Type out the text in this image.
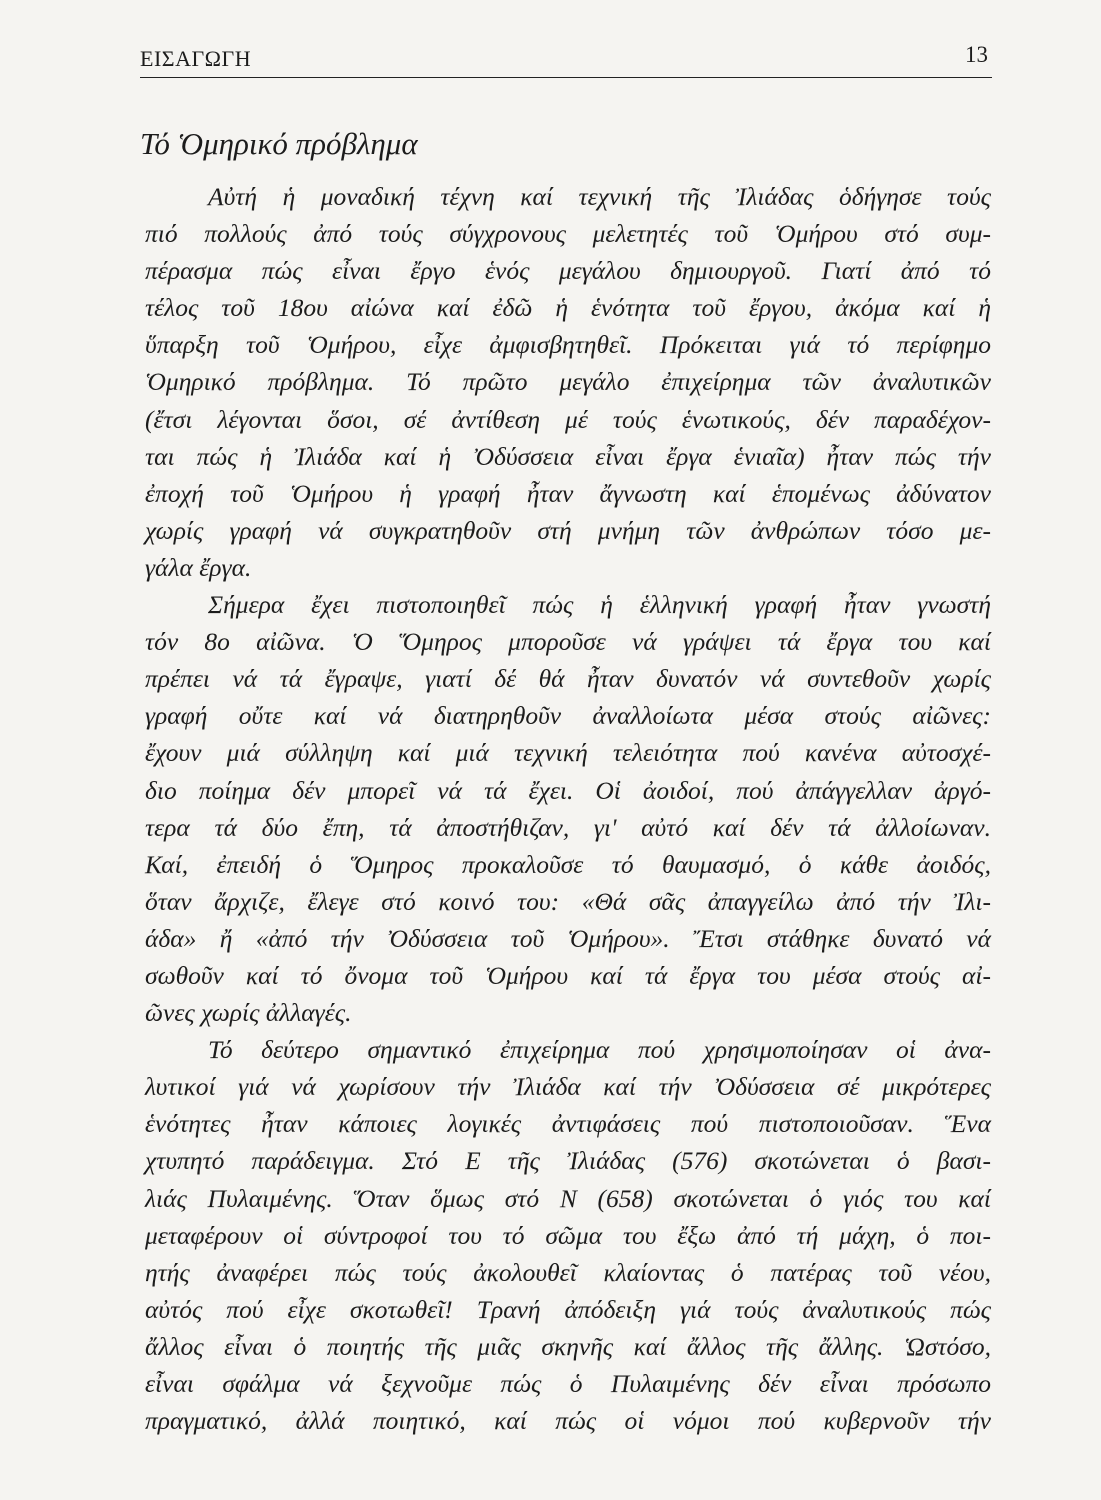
ΕΙΣΑΓΩΓΗ	13
Τό Ὁμηρικό πρόβλημα
Αὐτή ἡ μοναδική τέχνη καί τεχνική τῆς Ἰλιάδας ὁδήγησε τούς
πιό πολλούς ἀπό τούς σύγχρονους μελετητές τοῦ Ὁμήρου στό συμ-
πέρασμα πώς εἶναι ἔργο ἑνός μεγάλου δημιουργοῦ. Γιατί ἀπό τό
τέλος τοῦ 18ου αἰώνα καί ἐδῶ ἡ ἑνότητα τοῦ ἔργου, ἀκόμα καί ἡ
ὕπαρξη τοῦ Ὁμήρου, εἶχε ἀμφισβητηθεῖ. Πρόκειται γιά τό περίφημο
Ὁμηρικό πρόβλημα. Τό πρῶτο μεγάλο ἐπιχείρημα τῶν ἀναλυτικῶν
(ἔτσι λέγονται ὅσοι, σέ ἀντίθεση μέ τούς ἑνωτικούς, δέν παραδέχον-
ται πώς ἡ Ἰλιάδα καί ἡ Ὀδύσσεια εἶναι ἔργα ἑνιαῖα) ἦταν πώς τήν
ἐποχή τοῦ Ὁμήρου ἡ γραφή ἦταν ἄγνωστη καί ἑπομένως ἀδύνατον
χωρίς γραφή νά συγκρατηθοῦν στή μνήμη τῶν ἀνθρώπων τόσο με-
γάλα ἔργα.
Σήμερα ἔχει πιστοποιηθεῖ πώς ἡ ἑλληνική γραφή ἦταν γνωστή
τόν 8ο αἰῶνα. Ὁ Ὅμηρος μποροῦσε νά γράψει τά ἔργα του καί
πρέπει νά τά ἔγραψε, γιατί δέ θά ἦταν δυνατόν νά συντεθοῦν χωρίς
γραφή οὔτε καί νά διατηρηθοῦν ἀναλλοίωτα μέσα στούς αἰῶνες:
ἔχουν μιά σύλληψη καί μιά τεχνική τελειότητα πού κανένα αὐτοσχέ-
διο ποίημα δέν μπορεῖ νά τά ἔχει. Οἱ ἀοιδοί, πού ἀπάγγελλαν ἀργό-
τερα τά δύο ἔπη, τά ἀποστήθιζαν, γι' αὐτό καί δέν τά ἀλλοίωναν.
Καί, ἐπειδή ὁ Ὅμηρος προκαλοῦσε τό θαυμασμό, ὁ κάθε ἀοιδός,
ὅταν ἄρχιζε, ἔλεγε στό κοινό του: «Θά σᾶς ἀπαγγείλω ἀπό τήν Ἰλι-
άδα» ἤ «ἀπό τήν Ὀδύσσεια τοῦ Ὁμήρου». Ἔτσι στάθηκε δυνατό νά
σωθοῦν καί τό ὄνομα τοῦ Ὁμήρου καί τά ἔργα του μέσα στούς αἰ-
ῶνες χωρίς ἀλλαγές.
Τό δεύτερο σημαντικό ἐπιχείρημα πού χρησιμοποίησαν οἱ ἀνα-
λυτικοί γιά νά χωρίσουν τήν Ἰλιάδα καί τήν Ὀδύσσεια σέ μικρότερες
ἑνότητες ἦταν κάποιες λογικές ἀντιφάσεις πού πιστοποιοῦσαν. Ἕνα
χτυπητό παράδειγμα. Στό Ε τῆς Ἰλιάδας (576) σκοτώνεται ὁ βασι-
λιάς Πυλαιμένης. Ὅταν ὅμως στό Ν (658) σκοτώνεται ὁ γιός του καί
μεταφέρουν οἱ σύντροφοί του τό σῶμα του ἔξω ἀπό τή μάχη, ὁ ποι-
ητής ἀναφέρει πώς τούς ἀκολουθεῖ κλαίοντας ὁ πατέρας τοῦ νέου,
αὐτός πού εἶχε σκοτωθεῖ! Τρανή ἀπόδειξη γιά τούς ἀναλυτικούς πώς
ἄλλος εἶναι ὁ ποιητής τῆς μιᾶς σκηνῆς καί ἄλλος τῆς ἄλλης. Ὡστόσο,
εἶναι σφάλμα νά ξεχνοῦμε πώς ὁ Πυλαιμένης δέν εἶναι πρόσωπο
πραγματικό, ἀλλά ποιητικό, καί πώς οἱ νόμοι πού κυβερνοῦν τήν
